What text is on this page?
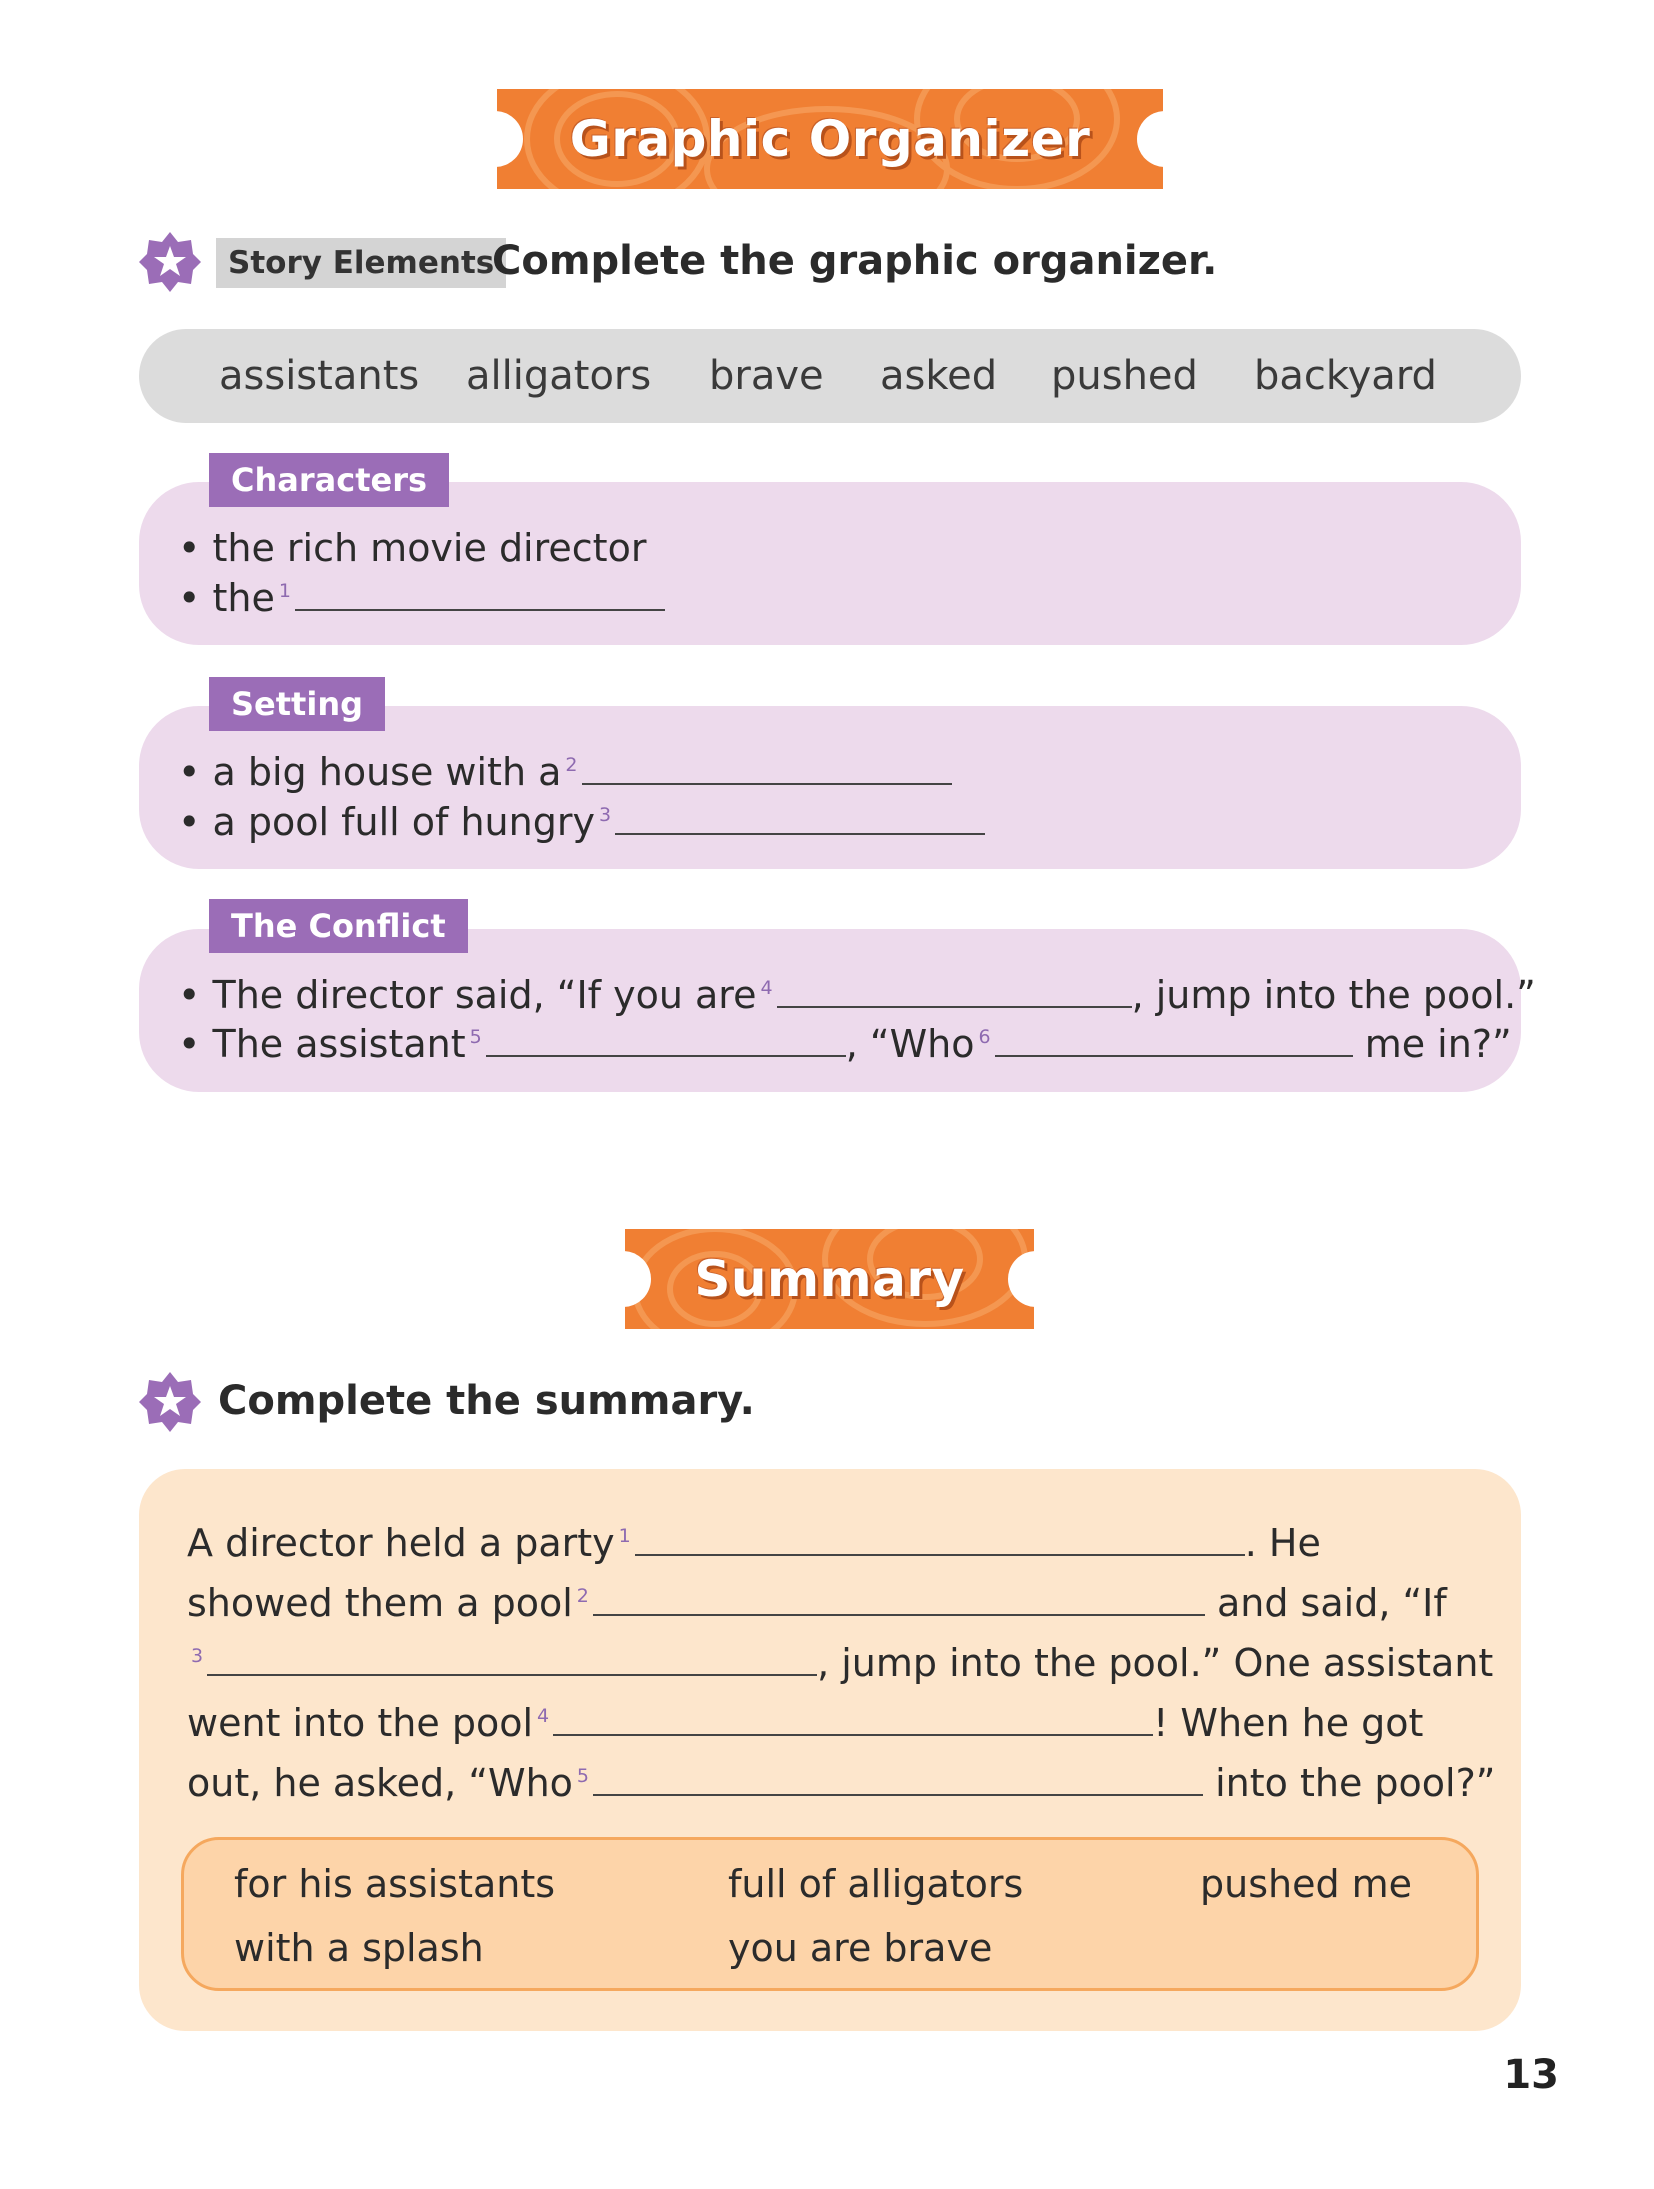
Graphic Organizer
Story Elements
Complete the graphic organizer.
assistants alligators brave asked pushed backyard
Characters
• the rich movie director
• the $^1$
Setting
• a big house with a $^2$
• a pool full of hungry $^3$
The Conflict
• The director said, “If you are $^4$	, jump into the pool.”
• The assistant $^5$	, “Who $^6$	me in?”
Summary
Complete the summary.
A director held a party $^1$	. He
showed them a pool $^2$	and said, “If
$^3$	, jump into the pool.” One assistant
went into the pool $^4$	! When he got
out, he asked, “Who $^5$	into the pool?”
for his assistants	full of alligators	pushed me
with a splash	you are brave
13
